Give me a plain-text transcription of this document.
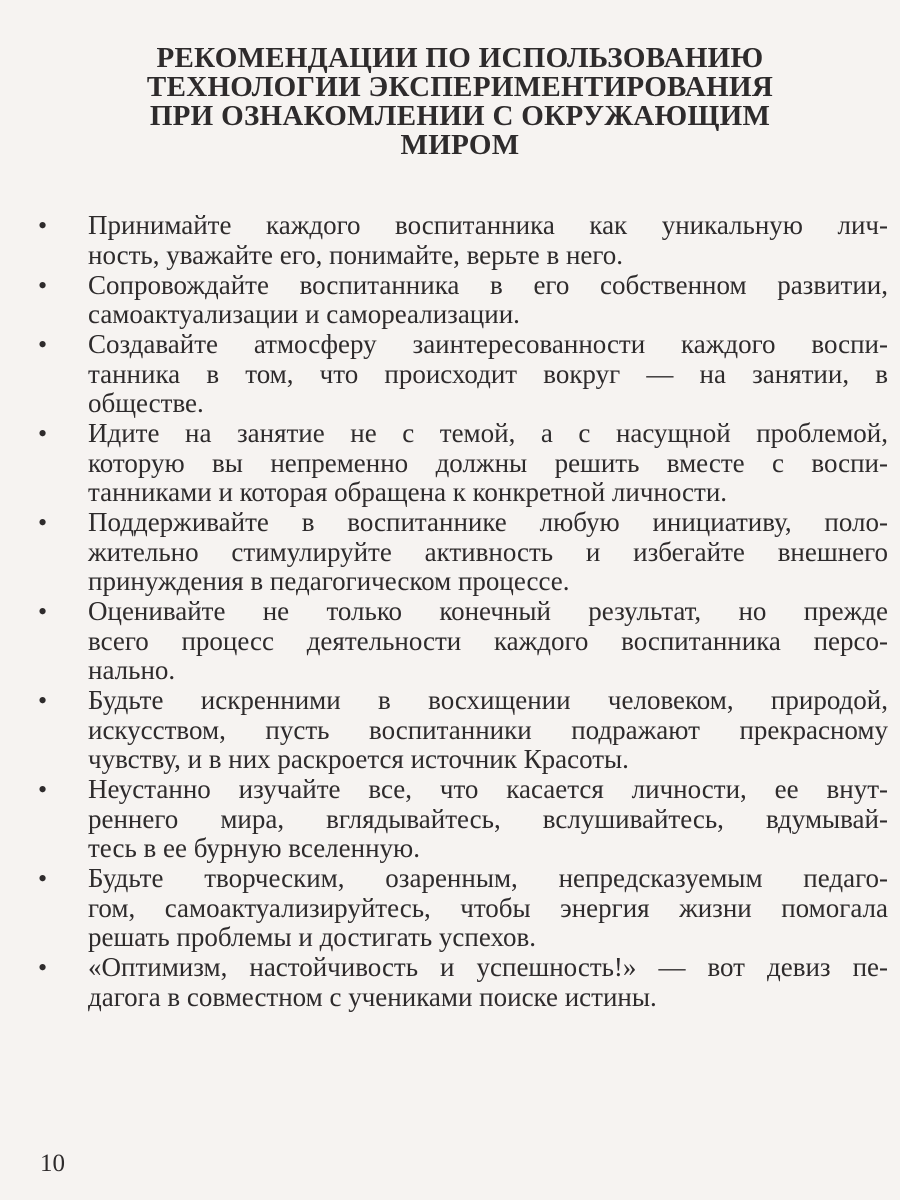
РЕКОМЕНДАЦИИ ПО ИСПОЛЬЗОВАНИЮ
ТЕХНОЛОГИИ ЭКСПЕРИМЕНТИРОВАНИЯ
ПРИ ОЗНАКОМЛЕНИИ С ОКРУЖАЮЩИМ
МИРОМ
• Принимайте каждого воспитанника как уникальную лич-
ность, уважайте его, понимайте, верьте в него.
• Сопровождайте воспитанника в его собственном развитии,
самоактуализации и самореализации.
• Создавайте атмосферу заинтересованности каждого воспи-
танника в том, что происходит вокруг — на занятии, в
обществе.
• Идите на занятие не с темой, а с насущной проблемой,
которую вы непременно должны решить вместе с воспи-
танниками и которая обращена к конкретной личности.
• Поддерживайте в воспитаннике любую инициативу, поло-
жительно стимулируйте активность и избегайте внешнего
принуждения в педагогическом процессе.
• Оценивайте не только конечный результат, но прежде
всего процесс деятельности каждого воспитанника персо-
нально.
• Будьте искренними в восхищении человеком, природой,
искусством, пусть воспитанники подражают прекрасному
чувству, и в них раскроется источник Красоты.
• Неустанно изучайте все, что касается личности, ее внут-
реннего мира, вглядывайтесь, вслушивайтесь, вдумывай-
тесь в ее бурную вселенную.
• Будьте творческим, озаренным, непредсказуемым педаго-
гом, самоактуализируйтесь, чтобы энергия жизни помогала
решать проблемы и достигать успехов.
• «Оптимизм, настойчивость и успешность!» — вот девиз пе-
дагога в совместном с учениками поиске истины.
10
